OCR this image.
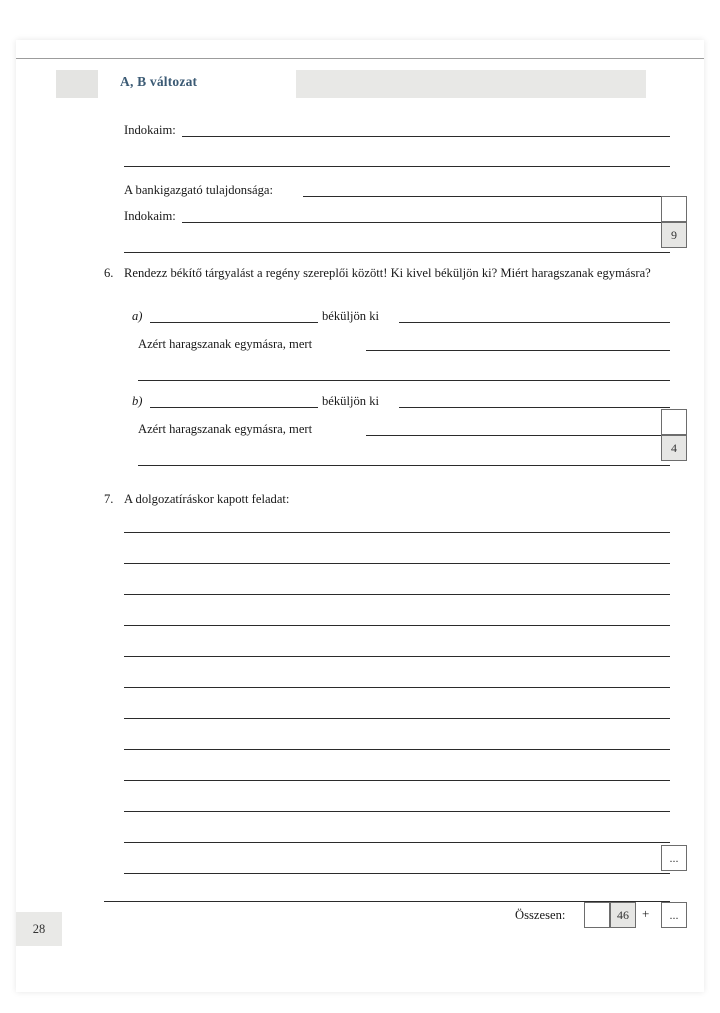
A, B változat
Indokaim:
A bankigazgató tulajdonsága:
Indokaim:
9
6. Rendezz békítő tárgyalást a regény szereplői között! Ki kivel béküljön ki? Miért haragszanak egymásra?
a)	béküljön ki
Azért haragszanak egymásra, mert
b)	béküljön ki
Azért haragszanak egymásra, mert
4
7. A dolgozatíráskor kapott feladat:
...
Összesen:	46	+	...
28
